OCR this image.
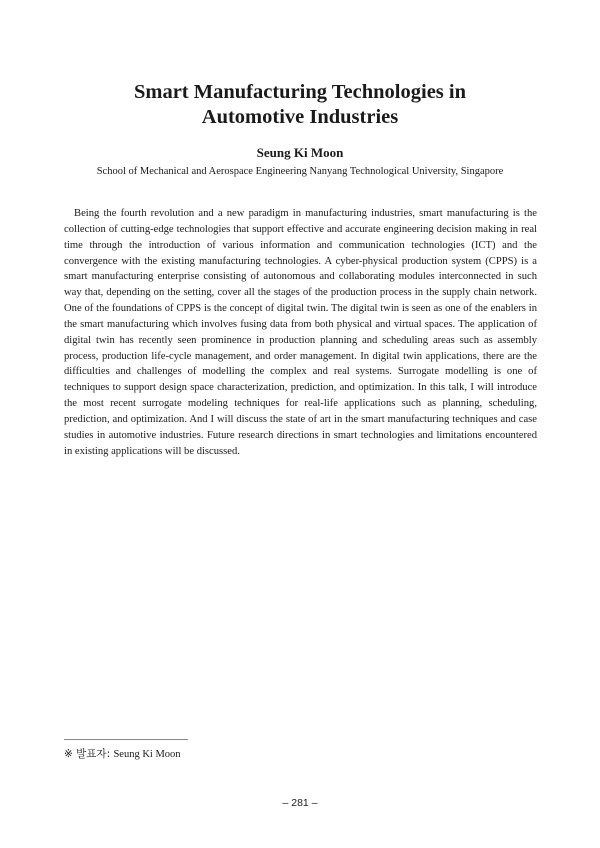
Smart Manufacturing Technologies in
Automotive Industries
Seung Ki Moon
School of Mechanical and Aerospace Engineering Nanyang Technological University, Singapore

Being the fourth revolution and a new paradigm in manufacturing industries, smart manufacturing is the collection of cutting-edge technologies that support effective and accurate engineering decision making in real time through the introduction of various information and communication technologies (ICT) and the convergence with the existing manufacturing technologies. A cyber-physical production system (CPPS) is a smart manufacturing enterprise consisting of autonomous and collaborating modules interconnected in such way that, depending on the setting, cover all the stages of the production process in the supply chain network. One of the foundations of CPPS is the concept of digital twin. The digital twin is seen as one of the enablers in the smart manufacturing which involves fusing data from both physical and virtual spaces. The application of digital twin has recently seen prominence in production planning and scheduling areas such as assembly process, production life-cycle management, and order management. In digital twin applications, there are the difficulties and challenges of modelling the complex and real systems. Surrogate modelling is one of techniques to support design space characterization, prediction, and optimization. In this talk, I will introduce the most recent surrogate modeling techniques for real-life applications such as planning, scheduling, prediction, and optimization. And I will discuss the state of art in the smart manufacturing techniques and case studies in automotive industries. Future research directions in smart technologies and limitations encountered in existing applications will be discussed.

※ 발표자: Seung Ki Moon
– 281 –
